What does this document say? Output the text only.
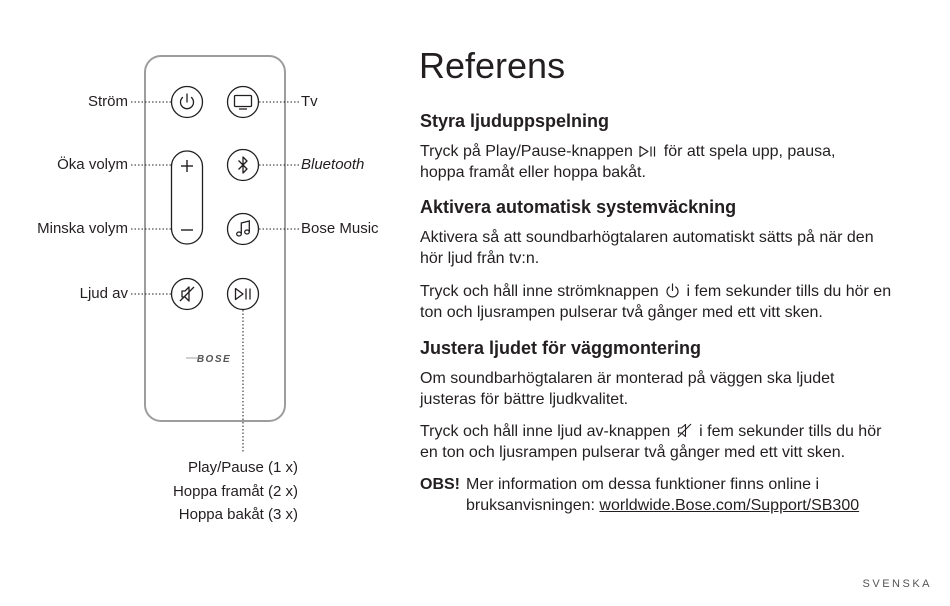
BOSE
Ström	Tv
Öka volym	Bluetooth
Minska volym	Bose Music
Ljud av
Play/Pause (1 x)
Hoppa framåt (2 x)
Hoppa bakåt (3 x)
Referens
Styra ljuduppspelning

Tryck på Play/Pause-knappen för att spela upp, pausa,
hoppa framåt eller hoppa bakåt.

Aktivera automatisk systemväckning

Aktivera så att soundbarhögtalaren automatiskt sätts på när den
hör ljud från tv:n.

Tryck och håll inne strömknappen i fem sekunder tills du hör en
ton och ljusrampen pulserar två gånger med ett vitt sken.

Justera ljudet för väggmontering

Om soundbarhögtalaren är monterad på väggen ska ljudet
justeras för bättre ljudkvalitet.

Tryck och håll inne ljud av-knappen i fem sekunder tills du hör
en ton och ljusrampen pulserar två gånger med ett vitt sken.

OBS! Mer information om dessa funktioner finns online i
bruksanvisningen: worldwide.Bose.com/Support/SB300
SVENSKA
